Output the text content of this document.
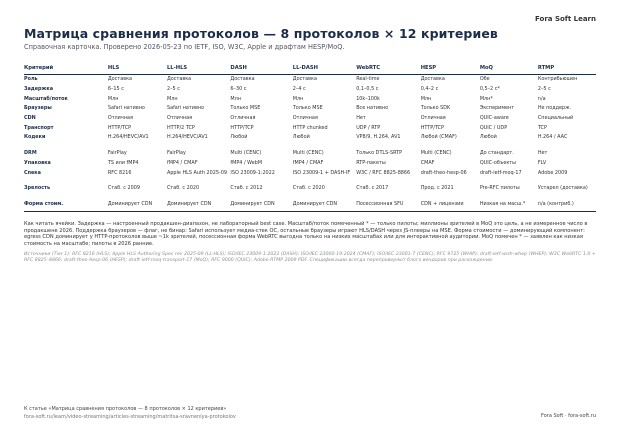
Fora Soft Learn
Матрица сравнения протоколов — 8 протоколов × 12 критериев
Справочная карточка. Проверено 2026-05-23 по IETF, ISO, W3C, Apple и драфтам HESP/MoQ.
Критерий	HLS	LL-HLS	DASH	LL-DASH	WebRTC	HESP	MoQ	RTMP
Роль	Доставка	Доставка	Доставка	Доставка	Real-time	Доставка	Обе	Контрибьюшен
Задержка	6–15 с	2–5 с	6–30 с	2–4 с	0,1–0,5 с	0,4–2 с	0,5–2 с*	2–5 с
Масштаб/поток	Млн	Млн	Млн	Млн	10k–100k	Млн	Млн*	n/a
Браузеры	Safari нативно	Safari нативно	Только MSE	Только MSE	Все нативно	Только SDK	Эксперимент	Не поддерж.
CDN	Отличная	Отличная	Отличная	Отличная	Нет	Отличная	QUIC-aware	Специальный
Транспорт	HTTP/TCP	HTTP/2 TCP	HTTP/TCP	HTTP chunked	UDP / RTP	HTTP/TCP	QUIC / UDP	TCP
Кодеки	H.264/HEVC/AV1	H.264/HEVC/AV1	Любой	Любой	VP8/9, H.264, AV1	Любой (CMAF)	Любой	H.264 / AAC
DRM	FairPlay	FairPlay	Multi (CENC)	Multi (CENC)	Только DTLS-SRTP	Multi (CENC)	До стандарт.	Нет
Упаковка	TS или fMP4	fMP4 / CMAF	fMP4 / WebM	fMP4 / CMAF	RTP-пакеты	CMAF	QUIC-объекты	FLV
Спека	RFC 8216	Apple HLS Auth 2025-09	ISO 23009-1:2022	ISO 23009-1 + DASH-IF	W3C / RFC 8825-8866	draft-theo-hesp-06	draft-ietf-moq-17	Adobe 2009
Зрелость	Стаб. с 2009	Стаб. с 2020	Стаб. с 2012	Стаб. с 2020	Стаб. с 2017	Прод. с 2021	Pre-RFC пилоты	Устарел (доставка)
Форма стоим.	Доминирует CDN	Доминирует CDN	Доминирует CDN	Доминирует CDN	Посессионная SFU	CDN + лицензии	Низкая на масш.*	n/a (контриб.)
Как читать ячейки. Задержка — настроенный продакшен-диапазон, не лабораторный best case. Масштаб/поток помеченный * — только пилоты; миллионы зрителей в MoQ это цель, а не измеренное число в продакшене 2026. Поддержка браузеров — флаг, не бинар: Safari использует медиа-стек ОС, остальные браузеры играют HLS/DASH через JS-плееры на MSE. Форма стоимости — доминирующий компонент: egress CDN доминирует у HTTP-протоколов выше ~1k зрителей, посессионная форма WebRTC выгодна только на низких масштабах или для интерактивной аудитории. MoQ помечен * — заявлен как низкая стоимость на масштабе; пилоты в 2026 ранние.
Источники (Tier 1): RFC 8216 (HLS); Apple HLS Authoring Spec rev 2025-09 (LL-HLS); ISO/IEC 23009-1:2022 (DASH); ISO/IEC 23000-19:2024 (CMAF); ISO/IEC 23001-7 (CENC); RFC 9725 (WHIP); draft-ietf-wish-whep (WHEP); W3C WebRTC 1.0 + RFC 8825–8866; draft-theo-hesp-06 (HESP); draft-ietf-moq-transport-17 (MoQ); RFC 9000 (QUIC); Adobe RTMP 2009 PDF. Спецификации всегда перепроверяют блога вендоров при расхождении.
К статье «Матрица сравнения протоколов — 8 протоколов × 12 критериев»
fora-soft.ru/learn/video-streaming/articles-streaming/matritsa-sravneniya-protokolov	Fora Soft · fora-soft.ru
